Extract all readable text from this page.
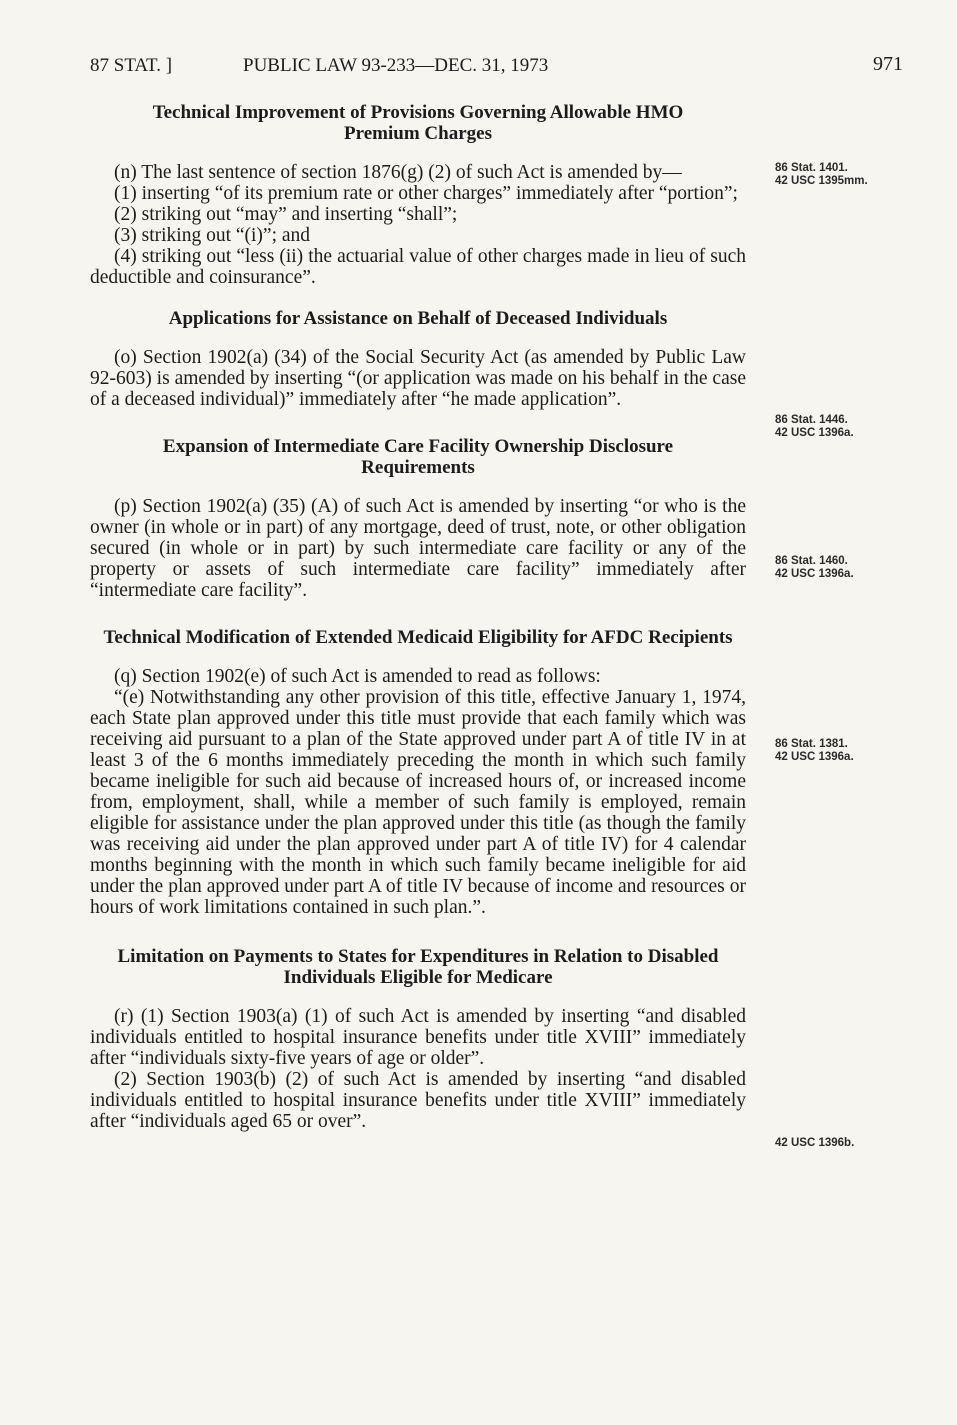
87 STAT. ]	PUBLIC LAW 93-233—DEC. 31, 1973	971
Technical Improvement of Provisions Governing Allowable HMO Premium Charges

(n) The last sentence of section 1876(g) (2) of such Act is amended by—

(1) inserting “of its premium rate or other charges” immediately after “portion”;

(2) striking out “may” and inserting “shall”;

(3) striking out “(i)”; and

(4) striking out “less (ii) the actuarial value of other charges made in lieu of such deductible and coinsurance”.

Applications for Assistance on Behalf of Deceased Individuals

(o) Section 1902(a) (34) of the Social Security Act (as amended by Public Law 92-603) is amended by inserting “(or application was made on his behalf in the case of a deceased individual)” immediately after “he made application”.

Expansion of Intermediate Care Facility Ownership Disclosure Requirements

(p) Section 1902(a) (35) (A) of such Act is amended by inserting “or who is the owner (in whole or in part) of any mortgage, deed of trust, note, or other obligation secured (in whole or in part) by such intermediate care facility or any of the property or assets of such intermediate care facility” immediately after “intermediate care facility”.

Technical Modification of Extended Medicaid Eligibility for AFDC Recipients

(q) Section 1902(e) of such Act is amended to read as follows:

“(e) Notwithstanding any other provision of this title, effective January 1, 1974, each State plan approved under this title must provide that each family which was receiving aid pursuant to a plan of the State approved under part A of title IV in at least 3 of the 6 months immediately preceding the month in which such family became ineligible for such aid because of increased hours of, or increased income from, employment, shall, while a member of such family is employed, remain eligible for assistance under the plan approved under this title (as though the family was receiving aid under the plan approved under part A of title IV) for 4 calendar months beginning with the month in which such family became ineligible for aid under the plan approved under part A of title IV because of income and resources or hours of work limitations contained in such plan.”.

Limitation on Payments to States for Expenditures in Relation to Disabled Individuals Eligible for Medicare

(r) (1) Section 1903(a) (1) of such Act is amended by inserting “and disabled individuals entitled to hospital insurance benefits under title XVIII” immediately after “individuals sixty-five years of age or older”.

(2) Section 1903(b) (2) of such Act is amended by inserting “and disabled individuals entitled to hospital insurance benefits under title XVIII” immediately after “individuals aged 65 or over”.

86 Stat. 1401.
42 USC 1395mm.
86 Stat. 1446.
42 USC 1396a.
86 Stat. 1460.
42 USC 1396a.
86 Stat. 1381.
42 USC 1396a.
42 USC 1396b.
